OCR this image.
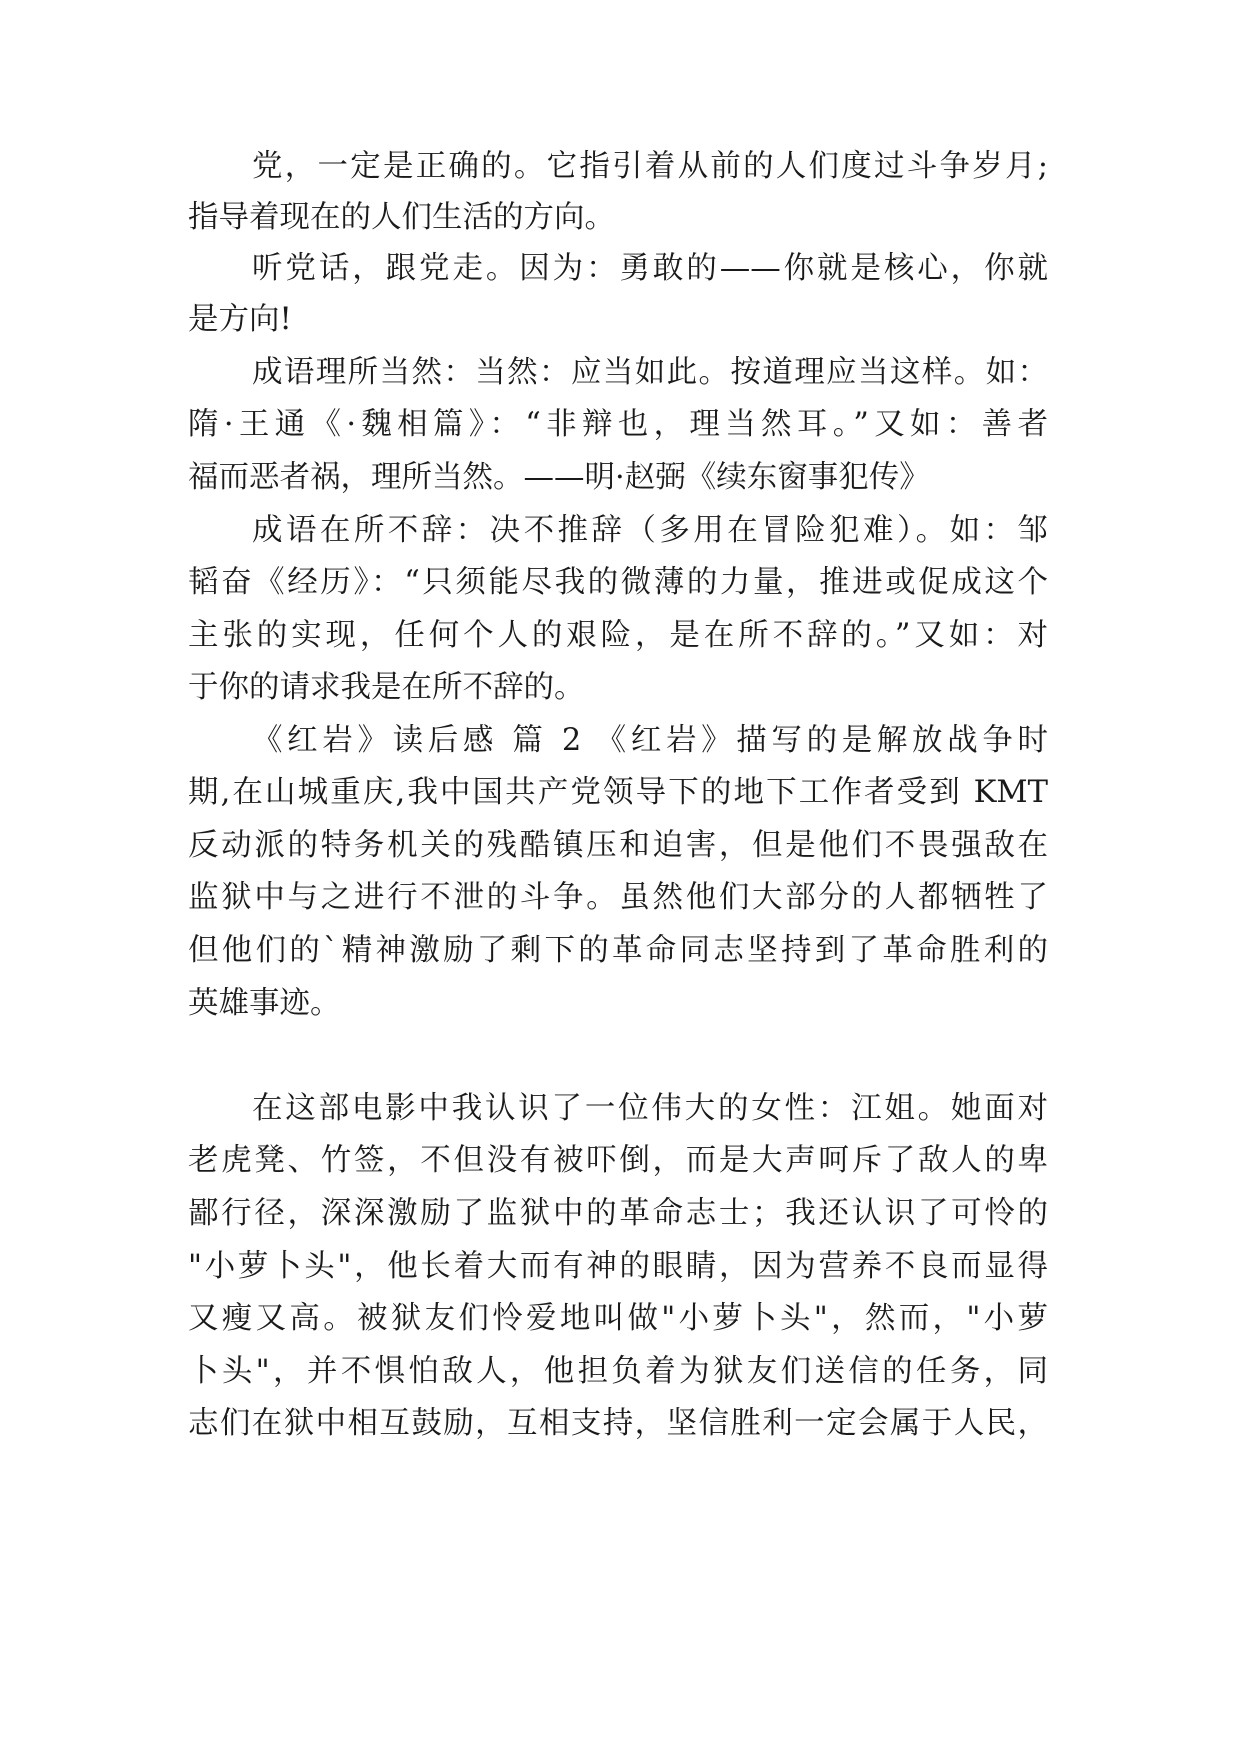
党，一定是正确的。它指引着从前的人们度过斗争岁月;
指导着现在的人们生活的方向。
听党话，跟党走。因为：勇敢的——你就是核心，你就
是方向!
成语理所当然：当然：应当如此。按道理应当这样。如：
隋·王通《·魏相篇》：“非辩也，理当然耳。”又如：善者
福而恶者祸，理所当然。——明·赵弼《续东窗事犯传》
成语在所不辞：决不推辞（多用在冒险犯难）。如：邹
韬奋《经历》：“只须能尽我的微薄的力量，推进或促成这个
主张的实现，任何个人的艰险，是在所不辞的。”又如：对
于你的请求我是在所不辞的。
《红岩》读后感 篇 2 《红岩》描写的是解放战争时
期,在山城重庆,我中国共产党领导下的地下工作者受到 KMT
反动派的特务机关的残酷镇压和迫害，但是他们不畏强敌在
监狱中与之进行不泄的斗争。虽然他们大部分的人都牺牲了
但他们的`精神激励了剩下的革命同志坚持到了革命胜利的
英雄事迹。
在这部电影中我认识了一位伟大的女性：江姐。她面对
老虎凳、竹签，不但没有被吓倒，而是大声呵斥了敌人的卑
鄙行径，深深激励了监狱中的革命志士；我还认识了可怜的
"小萝卜头"，他长着大而有神的眼睛，因为营养不良而显得
又瘦又高。被狱友们怜爱地叫做"小萝卜头"，然而，"小萝
卜头"，并不惧怕敌人，他担负着为狱友们送信的任务，同
志们在狱中相互鼓励，互相支持，坚信胜利一定会属于人民，
